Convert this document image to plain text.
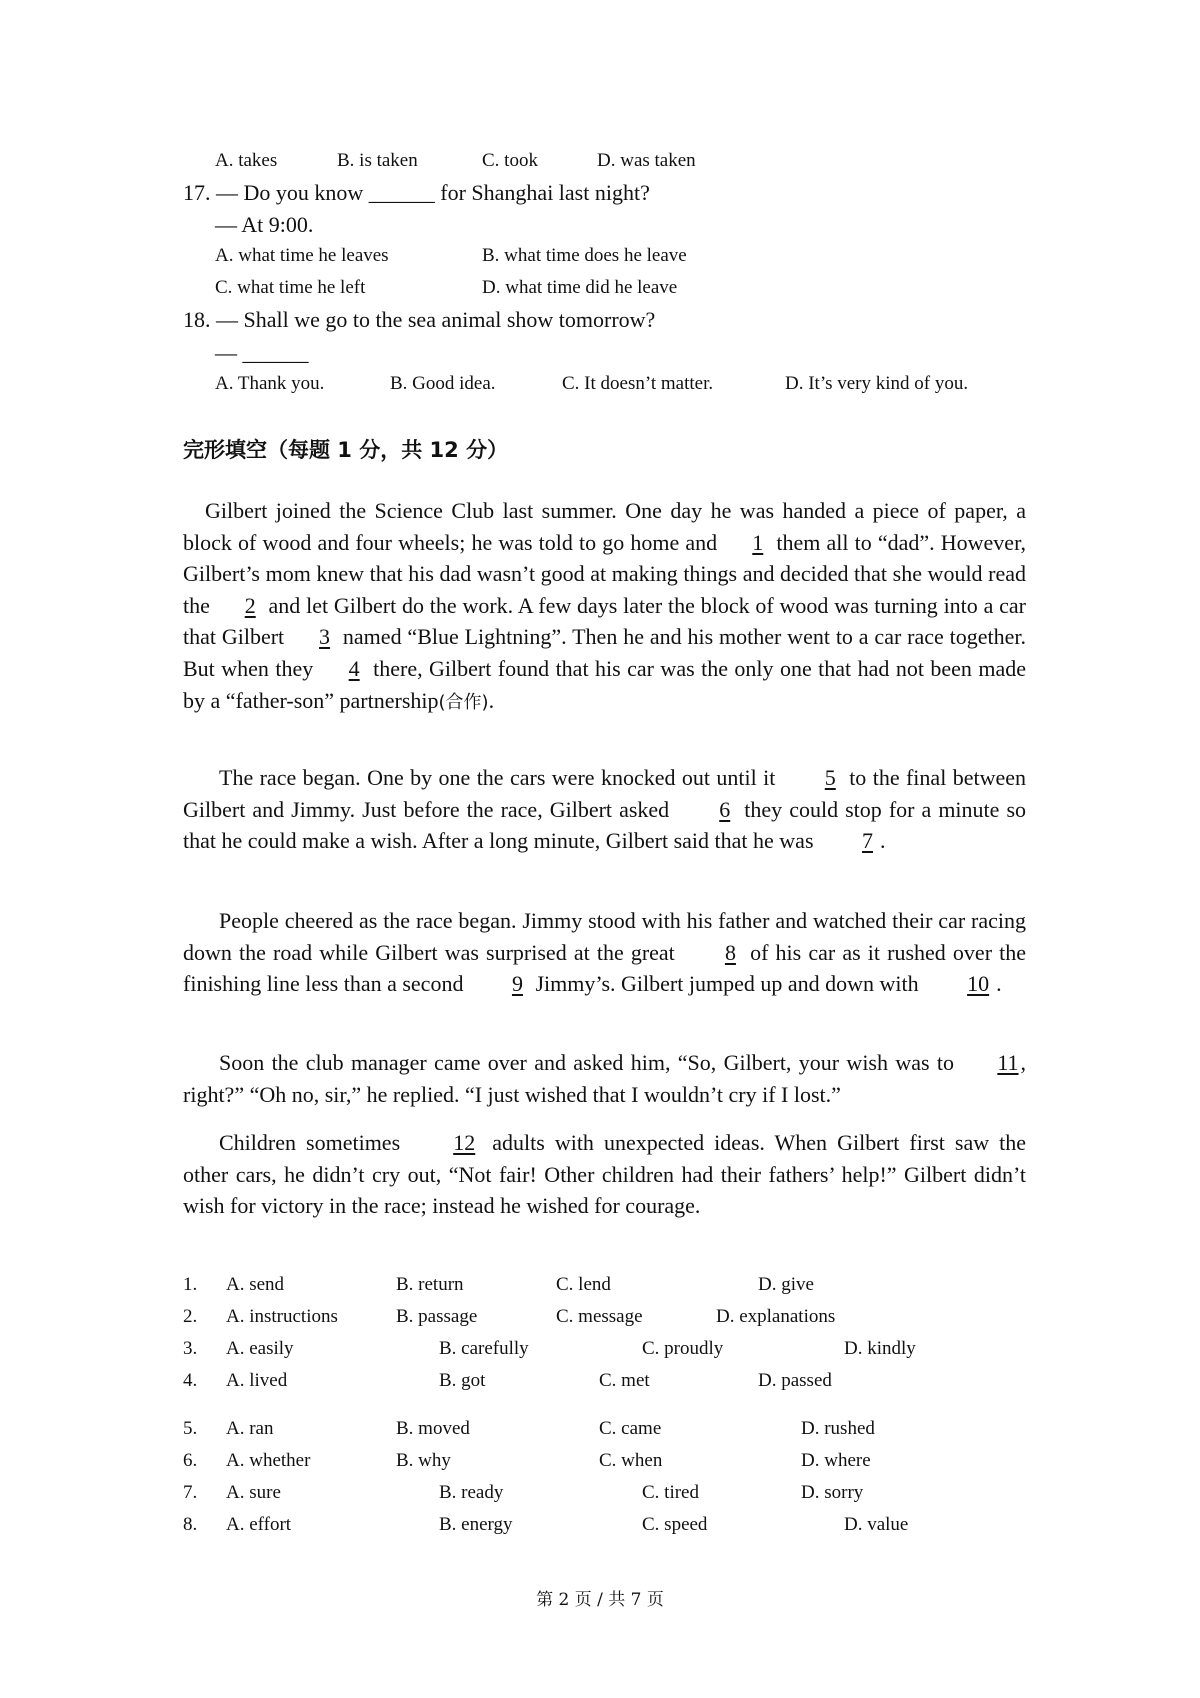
A. takes	B. is taken	C. took	D. was taken
17. — Do you know ______ for Shanghai last night?
— At 9:00.
A. what time he leaves	B. what time does he leave
C. what time he left	D. what time did he leave
18. — Shall we go to the sea animal show tomorrow?
— ______
A. Thank you.	B. Good idea.	C. It doesn’t matter.	D. It’s very kind of you.
完形填空（每题 1 分，共 12 分）

Gilbert joined the Science Club last summer. One day he was handed a piece of paper, a block of wood and four wheels; he was told to go home and 1 them all to “dad”. However, Gilbert’s mom knew that his dad wasn’t good at making things and decided that she would read the 2 and let Gilbert do the work. A few days later the block of wood was turning into a car that Gilbert 3 named “Blue Lightning”. Then he and his mother went to a car race together. But when they 4 there, Gilbert found that his car was the only one that had not been made by a “father-son” partnership(合作).

The race began. One by one the cars were knocked out until it 5 to the final between Gilbert and Jimmy. Just before the race, Gilbert asked 6 they could stop for a minute so that he could make a wish. After a long minute, Gilbert said that he was 7 .

People cheered as the race began. Jimmy stood with his father and watched their car racing down the road while Gilbert was surprised at the great 8 of his car as it rushed over the finishing line less than a second 9 Jimmy’s. Gilbert jumped up and down with 10 .

Soon the club manager came over and asked him, “So, Gilbert, your wish was to 11, right?” “Oh no, sir,” he replied. “I just wished that I wouldn’t cry if I lost.”

Children sometimes 12 adults with unexpected ideas. When Gilbert first saw the other cars, he didn’t cry out, “Not fair! Other children had their fathers’ help!” Gilbert didn’t wish for victory in the race; instead he wished for courage.

1. A. send	B. return	C. lend	D. give
2. A. instructions	B. passage	C. message	D. explanations
3. A. easily	B. carefully	C. proudly	D. kindly
4. A. lived	B. got	C. met	D. passed
5. A. ran	B. moved	C. came	D. rushed
6. A. whether	B. why	C. when	D. where
7. A. sure	B. ready	C. tired	D. sorry
8. A. effort	B. energy	C. speed	D. value
第 2 页 / 共 7 页
